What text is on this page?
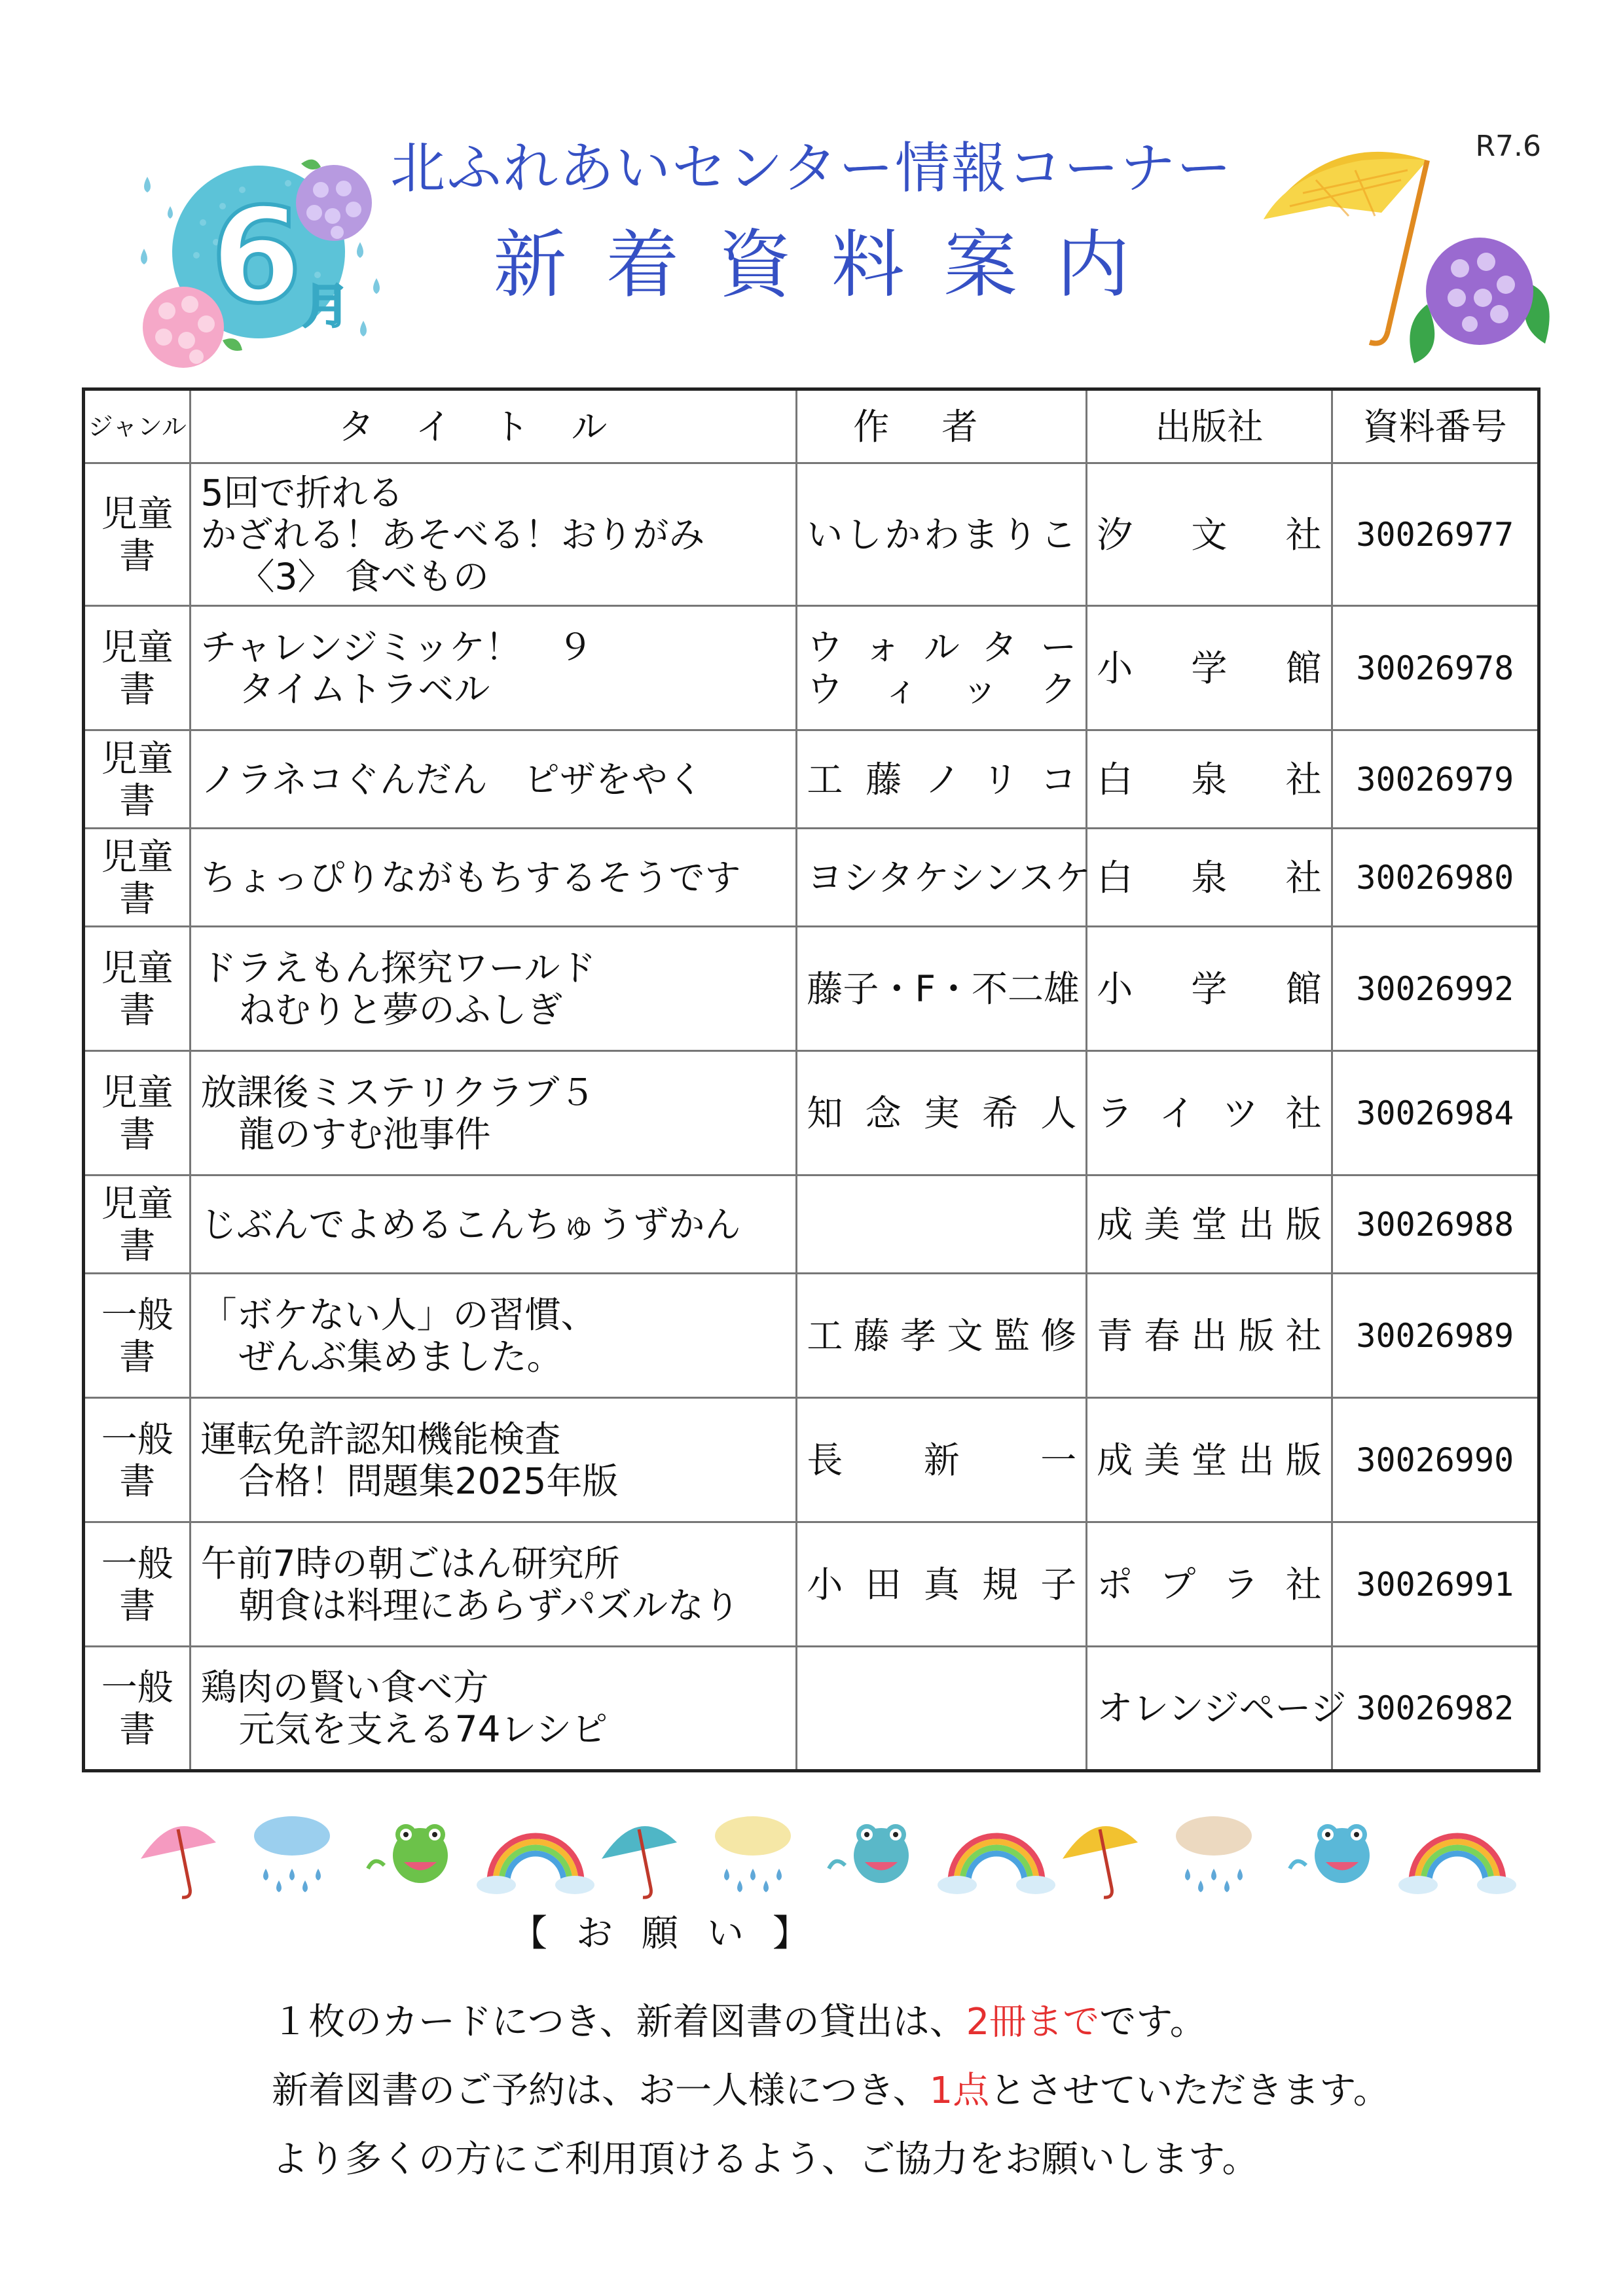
6 月
北ふれあいセンター情報コーナー
新着資料案内
R7.6
ジャンル	タイトル	作者	出版社	資料番号
児童書	5回で折れる
かざれる！あそべる！おりがみ
〈3〉 食べもの	いしかわまりこ	汐文社	30026977
児童書	チャレンジミッケ！　９
タイムトラベル	ウォルター
ウィック	小学館	30026978
児童書	ノラネコぐんだん　ピザをやく	工藤ノリコ	白泉社	30026979
児童書	ちょっぴりながもちするそうです	ヨシタケシンスケ	白泉社	30026980
児童書	ドラえもん探究ワールド
ねむりと夢のふしぎ	藤子・F・不二雄	小学館	30026992
児童書	放課後ミステリクラブ５
龍のすむ池事件	知念実希人	ライツ社	30026984
児童書	じぶんでよめるこんちゅうずかん		成美堂出版	30026988
一般書	「ボケない人」の習慣、
ぜんぶ集めました。	工藤孝文監修	青春出版社	30026989
一般書	運転免許認知機能検査
合格！問題集2025年版	長新一	成美堂出版	30026990
一般書	午前7時の朝ごはん研究所
朝食は料理にあらずパズルなり	小田真規子	ポプラ社	30026991
一般書	鶏肉の賢い食べ方
元気を支える74レシピ		オレンジページ	30026982
【お願い】
１枚のカードにつき、新着図書の貸出は、2冊までです。
新着図書のご予約は、お一人様につき、1点とさせていただきます。
より多くの方にご利用頂けるよう、ご協力をお願いします。
